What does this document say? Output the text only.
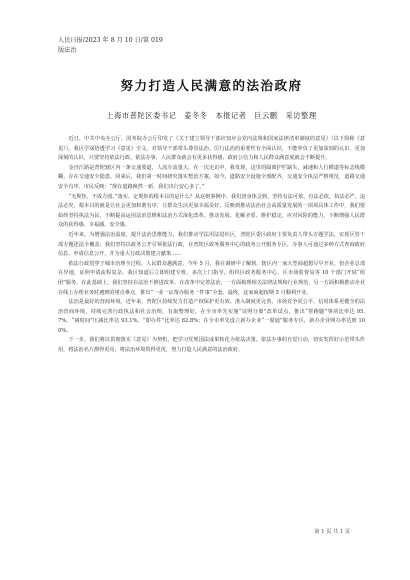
人民日报/2023 年 8 月 10 日/第 019
版法治
努力打造人民满意的法治政府
上海市普陀区委书记　姜冬冬　本报记者　巨云鹏　采访整理

近日，中共中央办公厅、国务院办公厅印发了《关于建立领导干部应知应会党内法规和国家法律清单制度的意见》（以下简称《意见》）。我区学深悟透学习《意见》全文，对领导干部带头尊崇法治、厉行法治的重要性有全面认识，不能辜负了更加深刻的认识，更加深刻的认识，只要坚持依法行政、依法办事，人民群众就会有更多获得感，政府公信力和人民群众满意度就会不断提升。

金沙江路是普陀辖区内一条交通要道，人流车流量大。在一次走访中，我发现，这里的隔离护栏缺失，减速和人行横道等标志线模糊，存在交通安全隐患。回来后，我们第一时间研究落实整治方案。如今，道路安全设施全部配齐，交通安全执法严格规范，道路交通安全有序，市民反映：“现在道路换然一新，我们出行安心多了。”

“无规矩，不成方圆。”落实、定规矩的根本目的是什么？从这则事例中，我们切身体会到，坚持有法可依、有法必依、执法必严、违法必究，根本目的就是让社会更加和谐有序，让群众生活更加幸福美好。反映到推动法治社会高质量发展的一项项具体工作中，我们要始终坚持执法为民，不断提高运用法治思维和法治方式深化改革、推动发展、化解矛盾、维护稳定、应对风险的能力，不断增强人民群众的获得感、幸福感、安全感。

近年来，为增强法治温度、提升法治思维能力，我们推动学法用法进社区，普陀区委区政府主要负责人带头专题学法，实现区管干部专题述法全覆盖；我们坚持以政务公开引领依法行政，在普陀区政务服务中心的政务公开服务专区，办事人可通过多种方式查询政府信息、申请信息公开，并为重大行政决策建言献策……

依法行政贯穿于城市治理全过程。人民群众越满意，今年 5 月，我在调研中了解到，辖区内一家大型商超想尽早开业，但企业总部在异地，证照申请流程复杂。我区知道后立即组建专班，多次上门指导，组织区政务服务中心、区市场监督局等 10 个部门开展“组团”服务，在此基础上，我们坚持在法治下推进改革、在改革中完善法治，一方面梳理相关法律法规和行业规范，另一方面积极推动企业在线上办理业务时遇到的堵点难点，推出“一业一证帮办服务一件事”全套、最终，这家商超按期 5 月顺利开业。

法治是最好的营商环境。近年来，普陀区持续发力打造产权保护更有效、准入制度更完善、市场竞争更公平、信用体系更健全的法治营商环境，持续完善行政执法和社会治理，有取整理好，在全市率先实施“证照分离”改革试点，推出“帮跑腿”事项比率达 95.7%、“减时间”压减比率达 93.1%、“即办件”比率达 82.8%；在全市率先设立新办企业“一窗通”服务专区，新办企业网办率达到 100%。

下一步，我们将以贯彻落实《意见》为契机，把学习党规国法成果转化为依法决策、依法办事的自觉行动，切实发挥好示范带头作用，将法治名片擦得更亮，将法治环境筑得更优，努力打造人民满意的法治政府。

第 1 页 共 1 页
